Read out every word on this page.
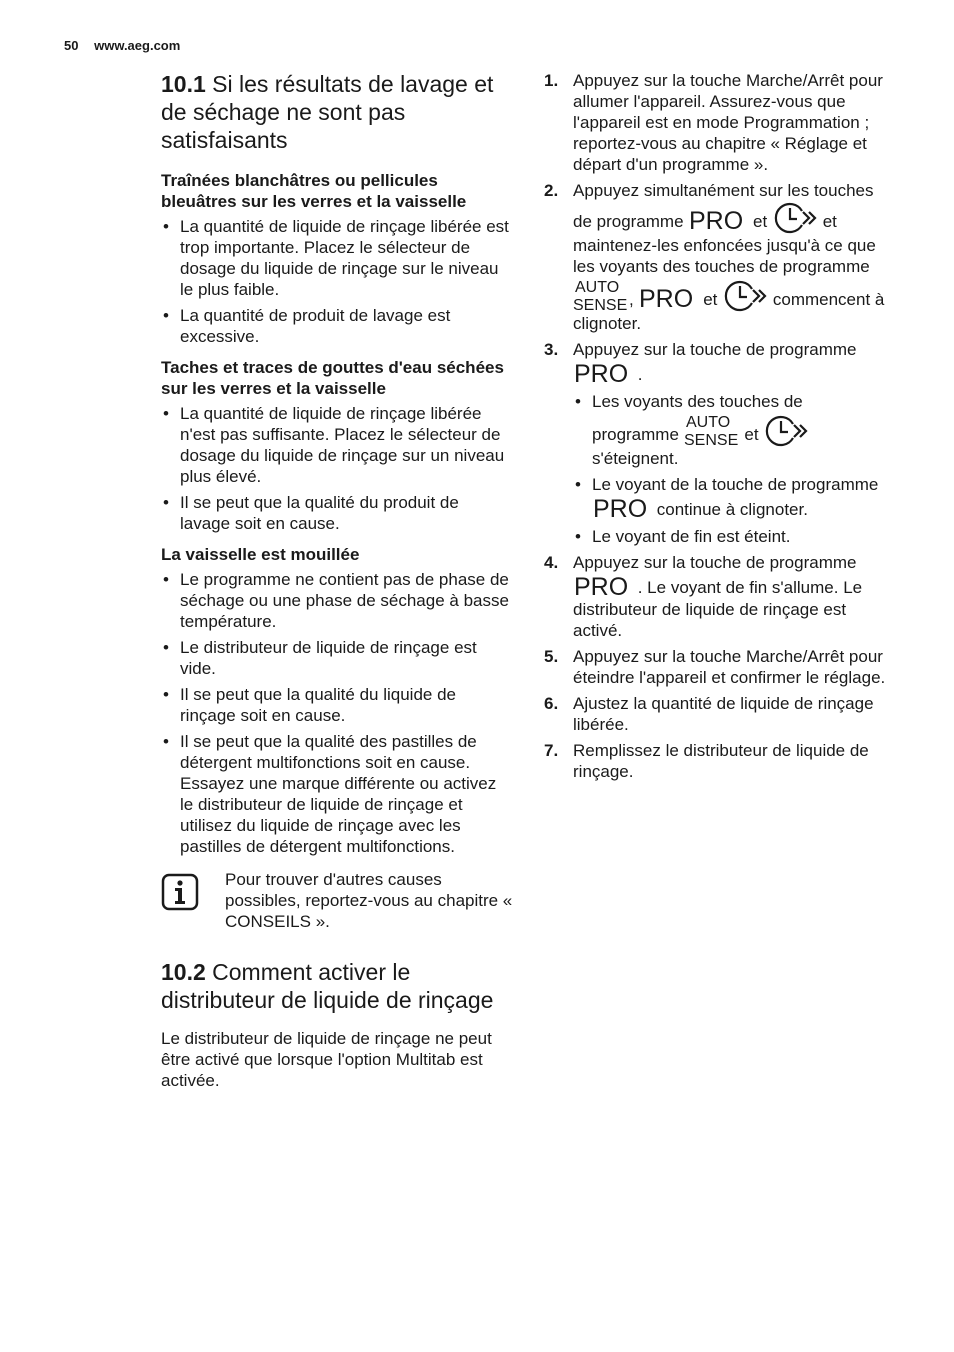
50 www.aeg.com
10.1 Si les résultats de lavage et de séchage ne sont pas satisfaisants
Traînées blanchâtres ou pellicules bleuâtres sur les verres et la vaisselle
• La quantité de liquide de rinçage libérée est trop importante. Placez le sélecteur de dosage du liquide de rinçage sur le niveau le plus faible.
• La quantité de produit de lavage est excessive.
Taches et traces de gouttes d'eau séchées sur les verres et la vaisselle
• La quantité de liquide de rinçage libérée n'est pas suffisante. Placez le sélecteur de dosage du liquide de rinçage sur un niveau plus élevé.
• Il se peut que la qualité du produit de lavage soit en cause.
La vaisselle est mouillée
• Le programme ne contient pas de phase de séchage ou une phase de séchage à basse température.
• Le distributeur de liquide de rinçage est vide.
• Il se peut que la qualité du liquide de rinçage soit en cause.
• Il se peut que la qualité des pastilles de détergent multifonctions soit en cause. Essayez une marque différente ou activez le distributeur de liquide de rinçage et utilisez du liquide de rinçage avec les pastilles de détergent multifonctions.
Pour trouver d'autres causes possibles, reportez-vous au chapitre « CONSEILS ».
10.2 Comment activer le distributeur de liquide de rinçage

Le distributeur de liquide de rinçage ne peut être activé que lorsque l'option Multitab est activée.

1. Appuyez sur la touche Marche/Arrêt pour allumer l'appareil. Assurez-vous que l'appareil est en mode Programmation ; reportez-vous au chapitre « Réglage et départ d'un programme ».
2. Appuyez simultanément sur les touches de programme PRO et	et maintenez-les enfoncées jusqu'à ce que les voyants des touches de programme
AUTO
SENSE , PRO et	commencent à clignoter.
3. Appuyez sur la touche de programme
PRO .
• Les voyants des touches de programme
AUTO
SENSE et  s'éteignent.
• Le voyant de la touche de programme
PRO continue à clignoter.
• Le voyant de fin est éteint.
4. Appuyez sur la touche de programme
PRO . Le voyant de fin s'allume. Le distributeur de liquide de rinçage est activé.
5. Appuyez sur la touche Marche/Arrêt pour éteindre l'appareil et confirmer le réglage.
6. Ajustez la quantité de liquide de rinçage libérée.
7. Remplissez le distributeur de liquide de rinçage.
